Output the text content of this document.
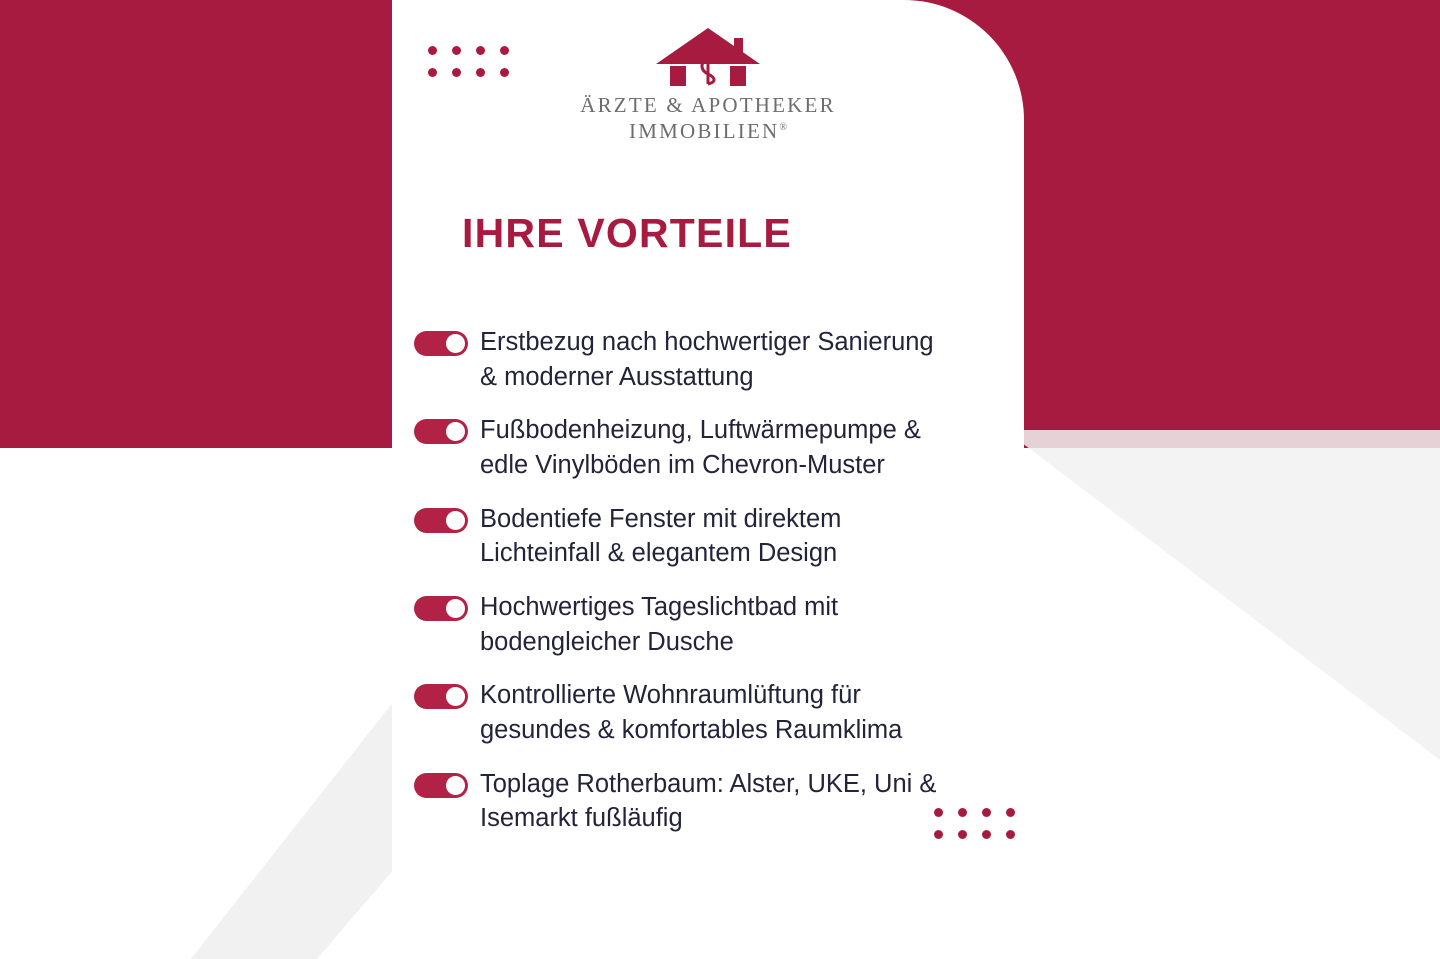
ÄRZTE & APOTHEKER
IMMOBILIEN®
IHRE VORTEILE
Erstbezug nach hochwertiger Sanierung
& moderner Ausstattung
Fußbodenheizung, Luftwärmepumpe &
edle Vinylböden im Chevron-Muster
Bodentiefe Fenster mit direktem
Lichteinfall & elegantem Design
Hochwertiges Tageslichtbad mit
bodengleicher Dusche
Kontrollierte Wohnraumlüftung für
gesundes & komfortables Raumklima
Toplage Rotherbaum: Alster, UKE, Uni &
Isemarkt fußläufig
